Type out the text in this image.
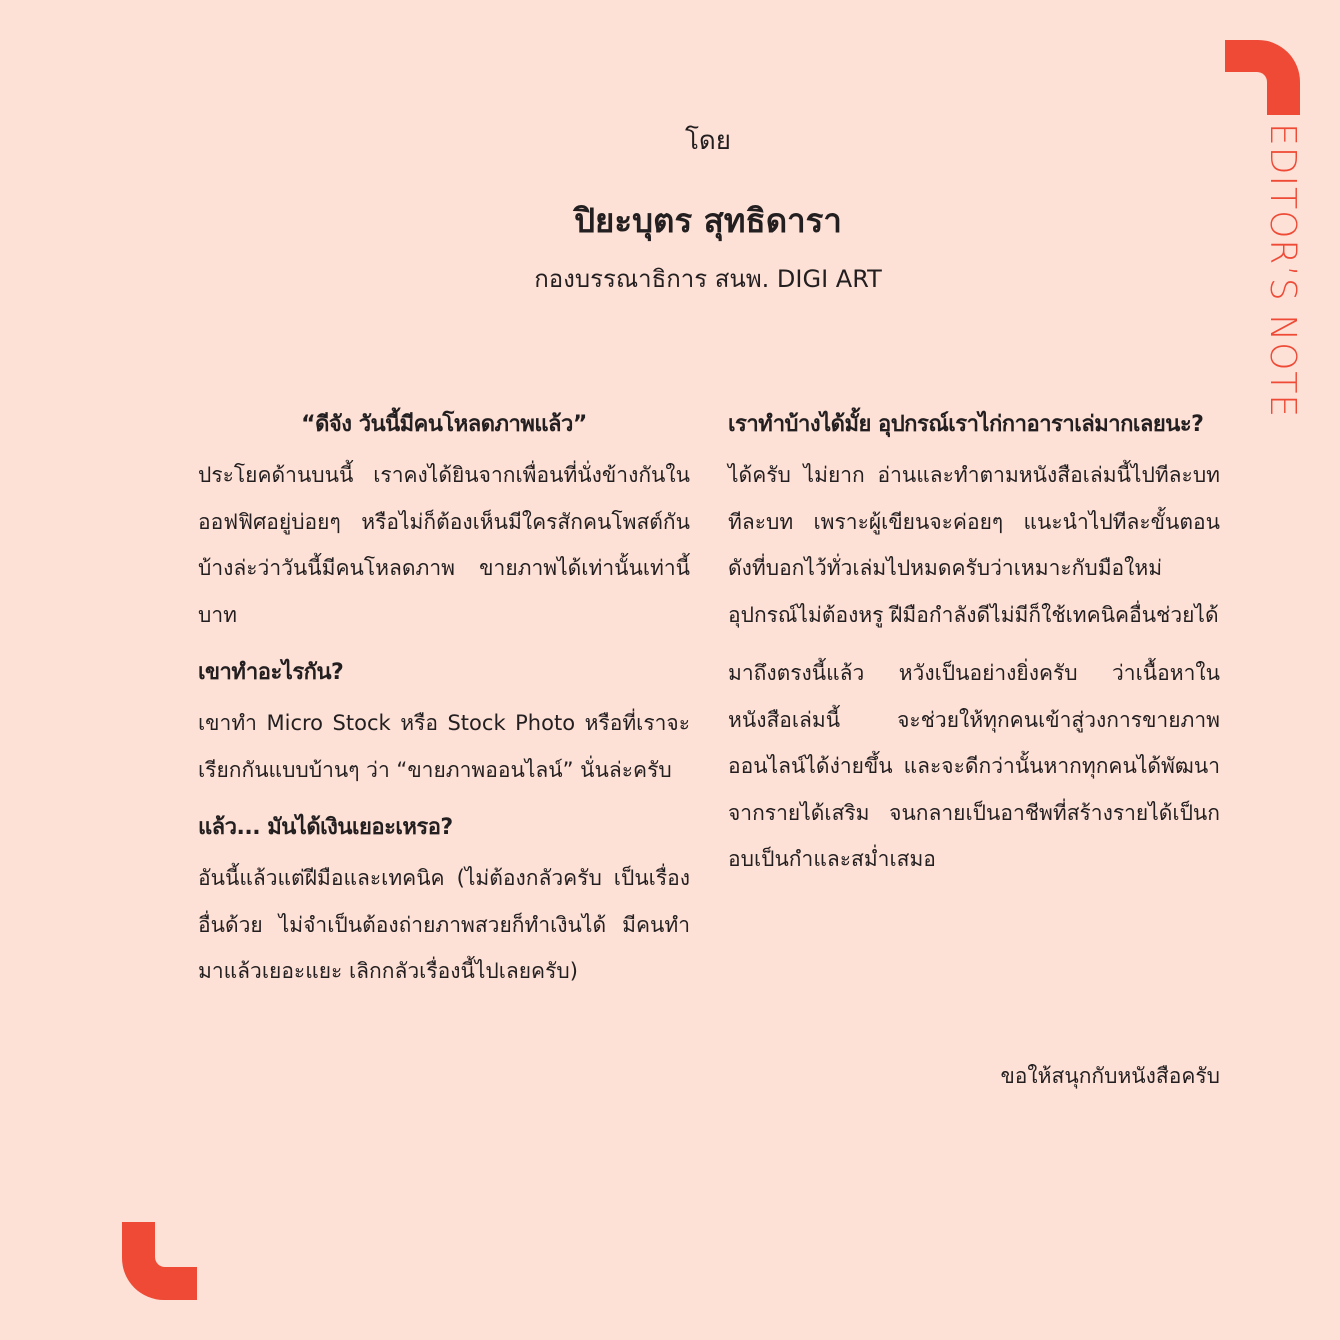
EDITOR’S NOTE
โดย
ปิยะบุตร สุทธิดารา
กองบรรณาธิการ สนพ. DIGI ART
“ดีจัง วันนี้มีคนโหลดภาพแล้ว”
ประโยคด้านบนนี้ เราคงได้ยินจากเพื่อนที่นั่งข้างกันในออฟฟิศอยู่บ่อยๆ หรือไม่ก็ต้องเห็นมีใครสักคนโพสต์กันบ้างล่ะว่าวันนี้มีคนโหลดภาพ ขายภาพได้เท่านั้นเท่านี้บาท
เขาทำอะไรกัน?
เขาทำ Micro Stock หรือ Stock Photo หรือที่เราจะเรียกกันแบบบ้านๆ ว่า “ขายภาพออนไลน์” นั่นล่ะครับ
แล้ว... มันได้เงินเยอะเหรอ?
อันนี้แล้วแต่ฝีมือและเทคนิค (ไม่ต้องกลัวครับ เป็นเรื่องอื่นด้วย ไม่จำเป็นต้องถ่ายภาพสวยก็ทำเงินได้ มีคนทำมาแล้วเยอะแยะ เลิกกลัวเรื่องนี้ไปเลยครับ)
เราทำบ้างได้มั้ย อุปกรณ์เราไก่กาอาราเล่มากเลยนะ?
ได้ครับ ไม่ยาก อ่านและทำตามหนังสือเล่มนี้ไปทีละบท ทีละบท เพราะผู้เขียนจะค่อยๆ แนะนำไปทีละขั้นตอน ดังที่บอกไว้ทั่วเล่มไปหมดครับว่าเหมาะกับมือใหม่ อุปกรณ์ไม่ต้องหรู ฝีมือกำลังดีไม่มีก็ใช้เทคนิคอื่นช่วยได้
มาถึงตรงนี้แล้ว หวังเป็นอย่างยิ่งครับ ว่าเนื้อหาในหนังสือเล่มนี้ จะช่วยให้ทุกคนเข้าสู่วงการขายภาพออนไลน์ได้ง่ายขึ้น และจะดีกว่านั้นหากทุกคนได้พัฒนาจากรายได้เสริม จนกลายเป็นอาชีพที่สร้างรายได้เป็นกอบเป็นกำและสม่ำเสมอ
ขอให้สนุกกับหนังสือครับ
